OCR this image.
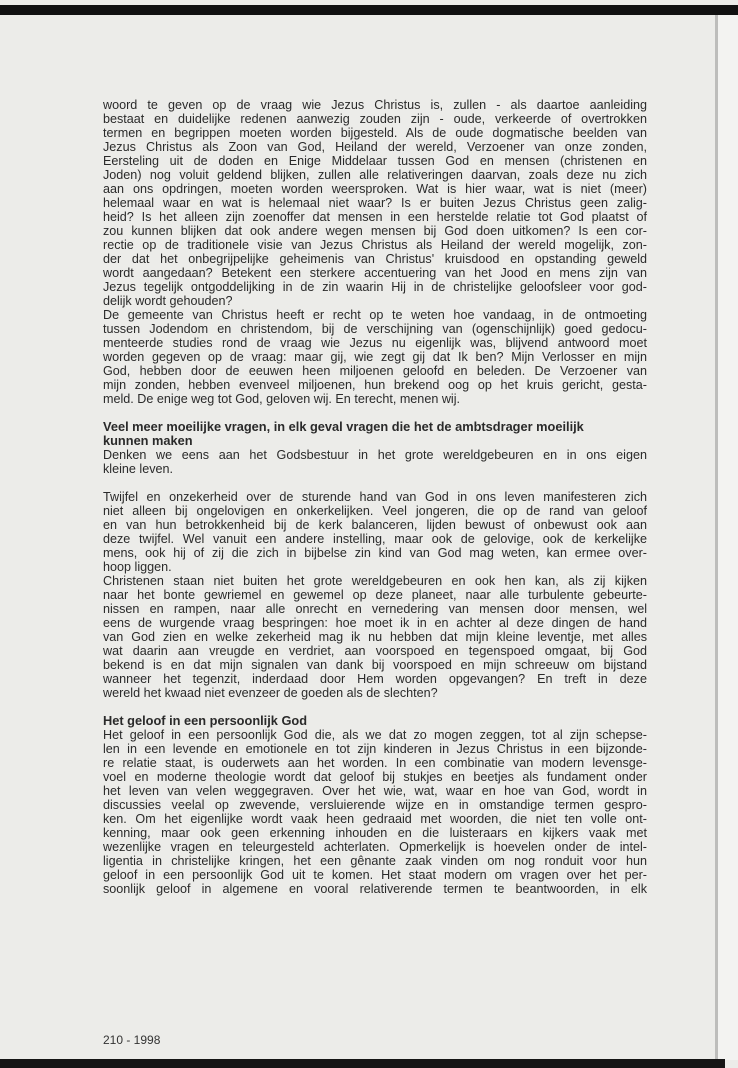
woord te geven op de vraag wie Jezus Christus is, zullen - als daartoe aanleiding
bestaat en duidelijke redenen aanwezig zouden zijn - oude, verkeerde of overtrokken
termen en begrippen moeten worden bijgesteld. Als de oude dogmatische beelden van
Jezus Christus als Zoon van God, Heiland der wereld, Verzoener van onze zonden,
Eersteling uit de doden en Enige Middelaar tussen God en mensen (christenen en
Joden) nog voluit geldend blijken, zullen alle relativeringen daarvan, zoals deze nu zich
aan ons opdringen, moeten worden weersproken. Wat is hier waar, wat is niet (meer)
helemaal waar en wat is helemaal niet waar? Is er buiten Jezus Christus geen zalig-
heid? Is het alleen zijn zoenoffer dat mensen in een herstelde relatie tot God plaatst of
zou kunnen blijken dat ook andere wegen mensen bij God doen uitkomen? Is een cor-
rectie op de traditionele visie van Jezus Christus als Heiland der wereld mogelijk, zon-
der dat het onbegrijpelijke geheimenis van Christus' kruisdood en opstanding geweld
wordt aangedaan? Betekent een sterkere accentuering van het Jood en mens zijn van
Jezus tegelijk ontgoddelijking in de zin waarin Hij in de christelijke geloofsleer voor god-
delijk wordt gehouden?
De gemeente van Christus heeft er recht op te weten hoe vandaag, in de ontmoeting
tussen Jodendom en christendom, bij de verschijning van (ogenschijnlijk) goed gedocu-
menteerde studies rond de vraag wie Jezus nu eigenlijk was, blijvend antwoord moet
worden gegeven op de vraag: maar gij, wie zegt gij dat Ik ben? Mijn Verlosser en mijn
God, hebben door de eeuwen heen miljoenen geloofd en beleden. De Verzoener van
mijn zonden, hebben evenveel miljoenen, hun brekend oog op het kruis gericht, gesta-
meld. De enige weg tot God, geloven wij. En terecht, menen wij.
Veel meer moeilijke vragen, in elk geval vragen die het de ambtsdrager moeilijk
kunnen maken
Denken we eens aan het Godsbestuur in het grote wereldgebeuren en in ons eigen
kleine leven.
Twijfel en onzekerheid over de sturende hand van God in ons leven manifesteren zich
niet alleen bij ongelovigen en onkerkelijken. Veel jongeren, die op de rand van geloof
en van hun betrokkenheid bij de kerk balanceren, lijden bewust of onbewust ook aan
deze twijfel. Wel vanuit een andere instelling, maar ook de gelovige, ook de kerkelijke
mens, ook hij of zij die zich in bijbelse zin kind van God mag weten, kan ermee over-
hoop liggen.
Christenen staan niet buiten het grote wereldgebeuren en ook hen kan, als zij kijken
naar het bonte gewriemel en gewemel op deze planeet, naar alle turbulente gebeurte-
nissen en rampen, naar alle onrecht en vernedering van mensen door mensen, wel
eens de wurgende vraag bespringen: hoe moet ik in en achter al deze dingen de hand
van God zien en welke zekerheid mag ik nu hebben dat mijn kleine leventje, met alles
wat daarin aan vreugde en verdriet, aan voorspoed en tegenspoed omgaat, bij God
bekend is en dat mijn signalen van dank bij voorspoed en mijn schreeuw om bijstand
wanneer het tegenzit, inderdaad door Hem worden opgevangen? En treft in deze
wereld het kwaad niet evenzeer de goeden als de slechten?
Het geloof in een persoonlijk God
Het geloof in een persoonlijk God die, als we dat zo mogen zeggen, tot al zijn schepse-
len in een levende en emotionele en tot zijn kinderen in Jezus Christus in een bijzonde-
re relatie staat, is ouderwets aan het worden. In een combinatie van modern levensge-
voel en moderne theologie wordt dat geloof bij stukjes en beetjes als fundament onder
het leven van velen weggegraven. Over het wie, wat, waar en hoe van God, wordt in
discussies veelal op zwevende, versluierende wijze en in omstandige termen gespro-
ken. Om het eigenlijke wordt vaak heen gedraaid met woorden, die niet ten volle ont-
kenning, maar ook geen erkenning inhouden en die luisteraars en kijkers vaak met
wezenlijke vragen en teleurgesteld achterlaten. Opmerkelijk is hoevelen onder de intel-
ligentia in christelijke kringen, het een gênante zaak vinden om nog ronduit voor hun
geloof in een persoonlijk God uit te komen. Het staat modern om vragen over het per-
soonlijk geloof in algemene en vooral relativerende termen te beantwoorden, in elk
210 - 1998
